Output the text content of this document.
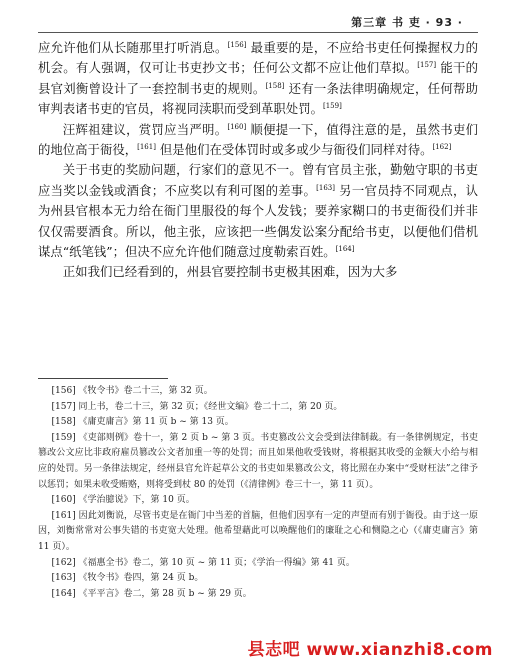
第三章 书 吏 · 93 ·

应允许他们从长随那里打听消息。[156] 最重要的是，不应给书吏任何操握权力的机会。有人强调，仅可让书吏抄文书；任何公文都不应让他们草拟。[157] 能干的县官刘衡曾设计了一套控制书吏的规则。[158] 还有一条法律明确规定，任何帮助审判表诸书吏的官员，将视同渎职而受到革职处罚。[159]

汪辉祖建议，赏罚应当严明。[160] 顺便提一下，值得注意的是，虽然书吏们的地位高于衙役，[161] 但是他们在受体罚时或多或少与衙役们同样对待。[162]

关于书吏的奖励问题，行家们的意见不一。曾有官员主张，勤勉守职的书吏应当奖以金钱或酒食；不应奖以有利可图的差事。[163] 另一官员持不同观点，认为州县官根本无力给在衙门里服役的每个人发钱；要养家糊口的书吏衙役们并非仅仅需要酒食。所以，他主张，应该把一些偶发讼案分配给书吏，以便他们借机谋点“纸笔钱”；但决不应允许他们随意过度勒索百姓。[164]

正如我们已经看到的，州县官要控制书吏极其困难，因为大多

[156] 《牧令书》卷二十三，第 32 页。

[157] 同上书，卷二十三，第 32 页；《经世文编》卷二十二，第 20 页。

[158] 《庸吏庸言》第 11 页 b ~ 第 13 页。

[159] 《吏部则例》卷十一，第 2 页 b ~ 第 3 页。书吏篡改公文会受到法律制裁。有一条律例规定，书吏篡改公文应比非政府雇员篡改公文者加重一等的处罚；而且如果他收受钱财，将根据其收受的金额大小给与相应的处罚。另一条律法规定，经州县官允许起草公文的书吏如果篡改公文，将比照在办案中“受财枉法”之律予以惩罚；如果未收受贿赂，则将受到杖 80 的处罚（《清律例》卷三十一，第 11 页）。

[160] 《学治臆说》下，第 10 页。

[161] 因此刘衡说，尽管书吏是在衙门中当差的首脑，但他们因享有一定的声望而有别于衙役。由于这一原因，刘衡常常对公事失错的书吏宽大处理。他希望藉此可以唤醒他们的廉耻之心和恻隐之心（《庸吏庸言》第 11 页）。

[162] 《福惠全书》卷二，第 10 页 ~ 第 11 页；《学治一得编》第 41 页。

[163] 《牧令书》卷四，第 24 页 b。

[164] 《平平言》卷二，第 28 页 b ~ 第 29 页。

县志吧 www.xianzhi8.com
